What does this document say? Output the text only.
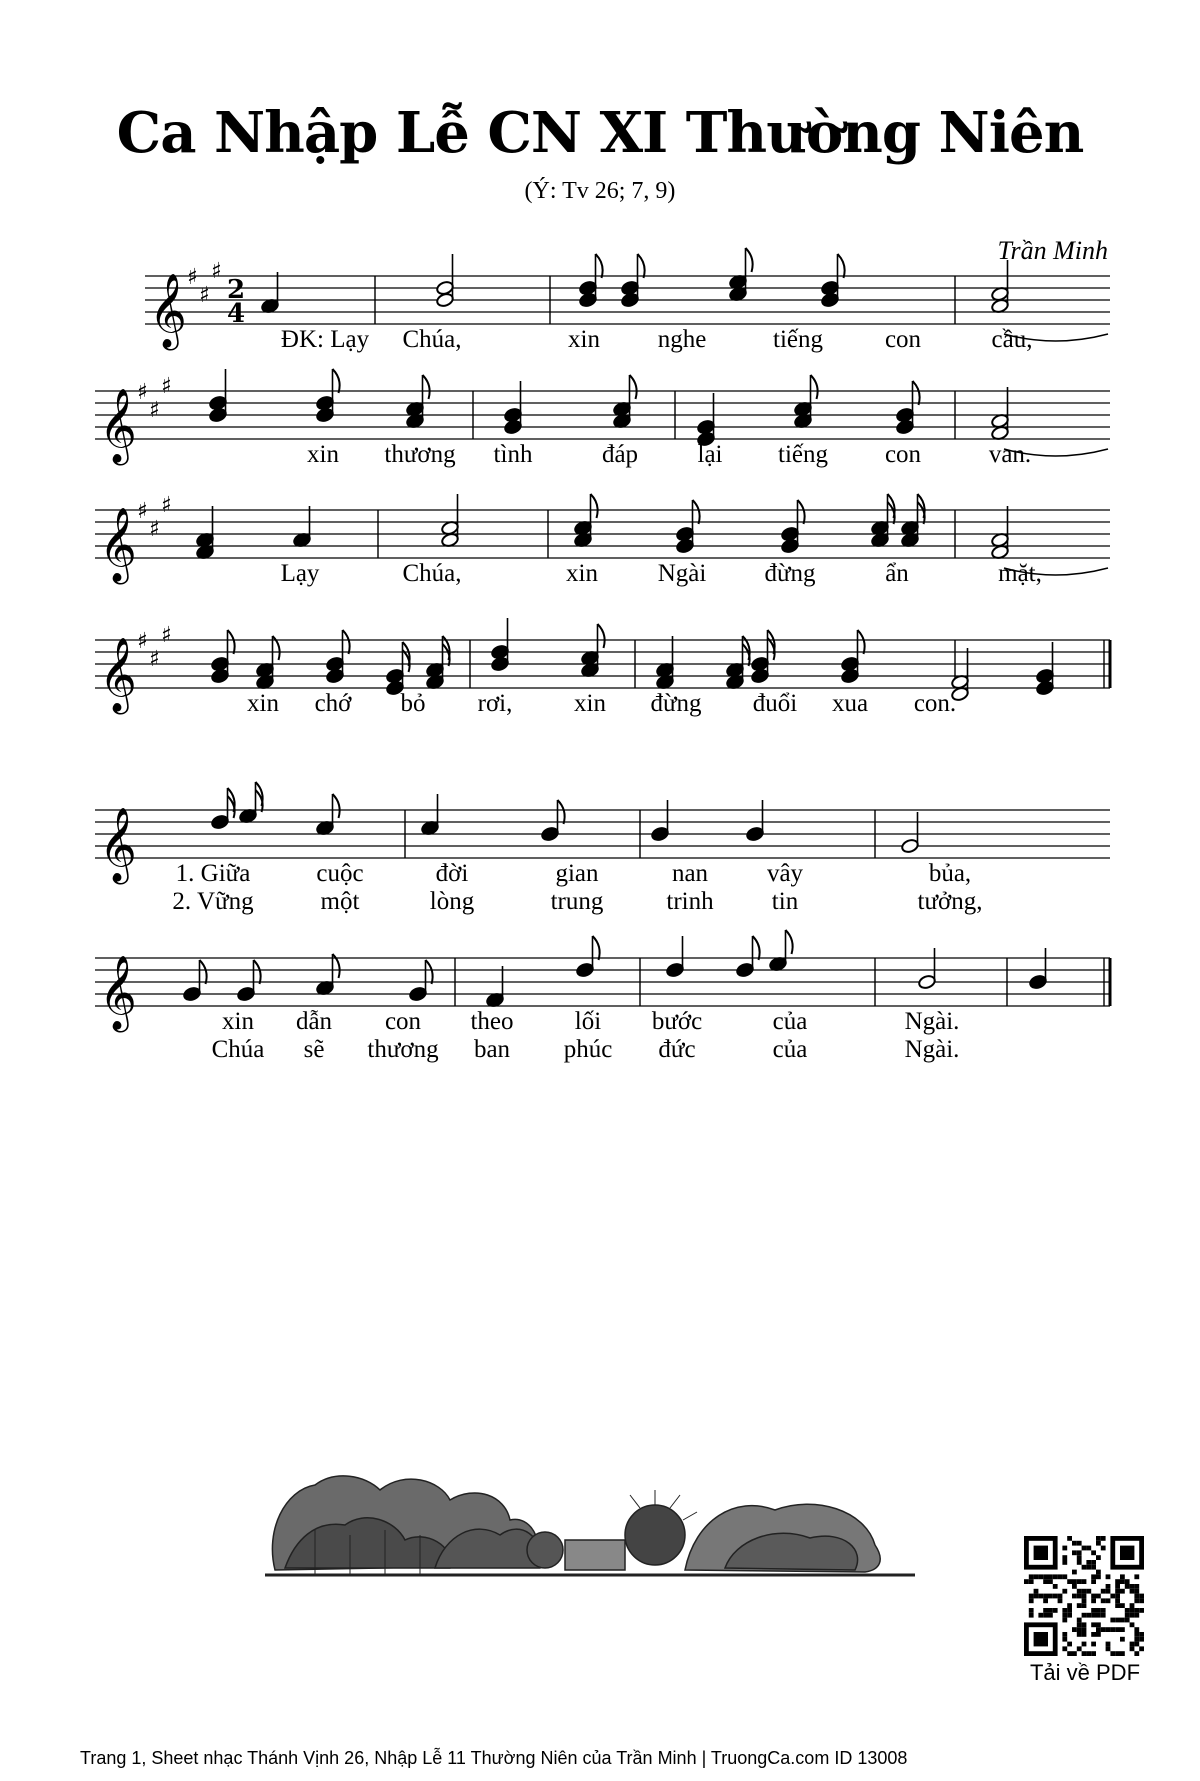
Ca Nhập Lễ CN XI Thường Niên
(Ý: Tv 26; 7, 9)
Trần Minh
𝄞 ♯
♯
♯
2
4
ĐK: Lạy Chúa,	xin nghe	tiếng con	cầu,
𝄞 ♯
♯
♯
xin thương tình	đáp lại tiếng con	van.
𝄞 ♯
♯
♯
Lạy	Chúa,	xin Ngài đừng	ẩn	mặt,
𝄞 ♯
♯
♯
xin chớ bỏ rơi, xin đừng đuổi xua con.
𝄞 1. Giữa	cuộc	đời	gian	nan vây	bủa,
2. Vững	một	lòng	trung	trinh tin	tưởng,
𝄞	xin dẫn con theo lối bước	của	Ngài.
Chúa sẽ thương ban phúc đức	của	Ngài.
Tải về PDF
Trang 1, Sheet nhạc Thánh Vịnh 26, Nhập Lễ 11 Thường Niên của Trần Minh | TruongCa.com ID 13008
